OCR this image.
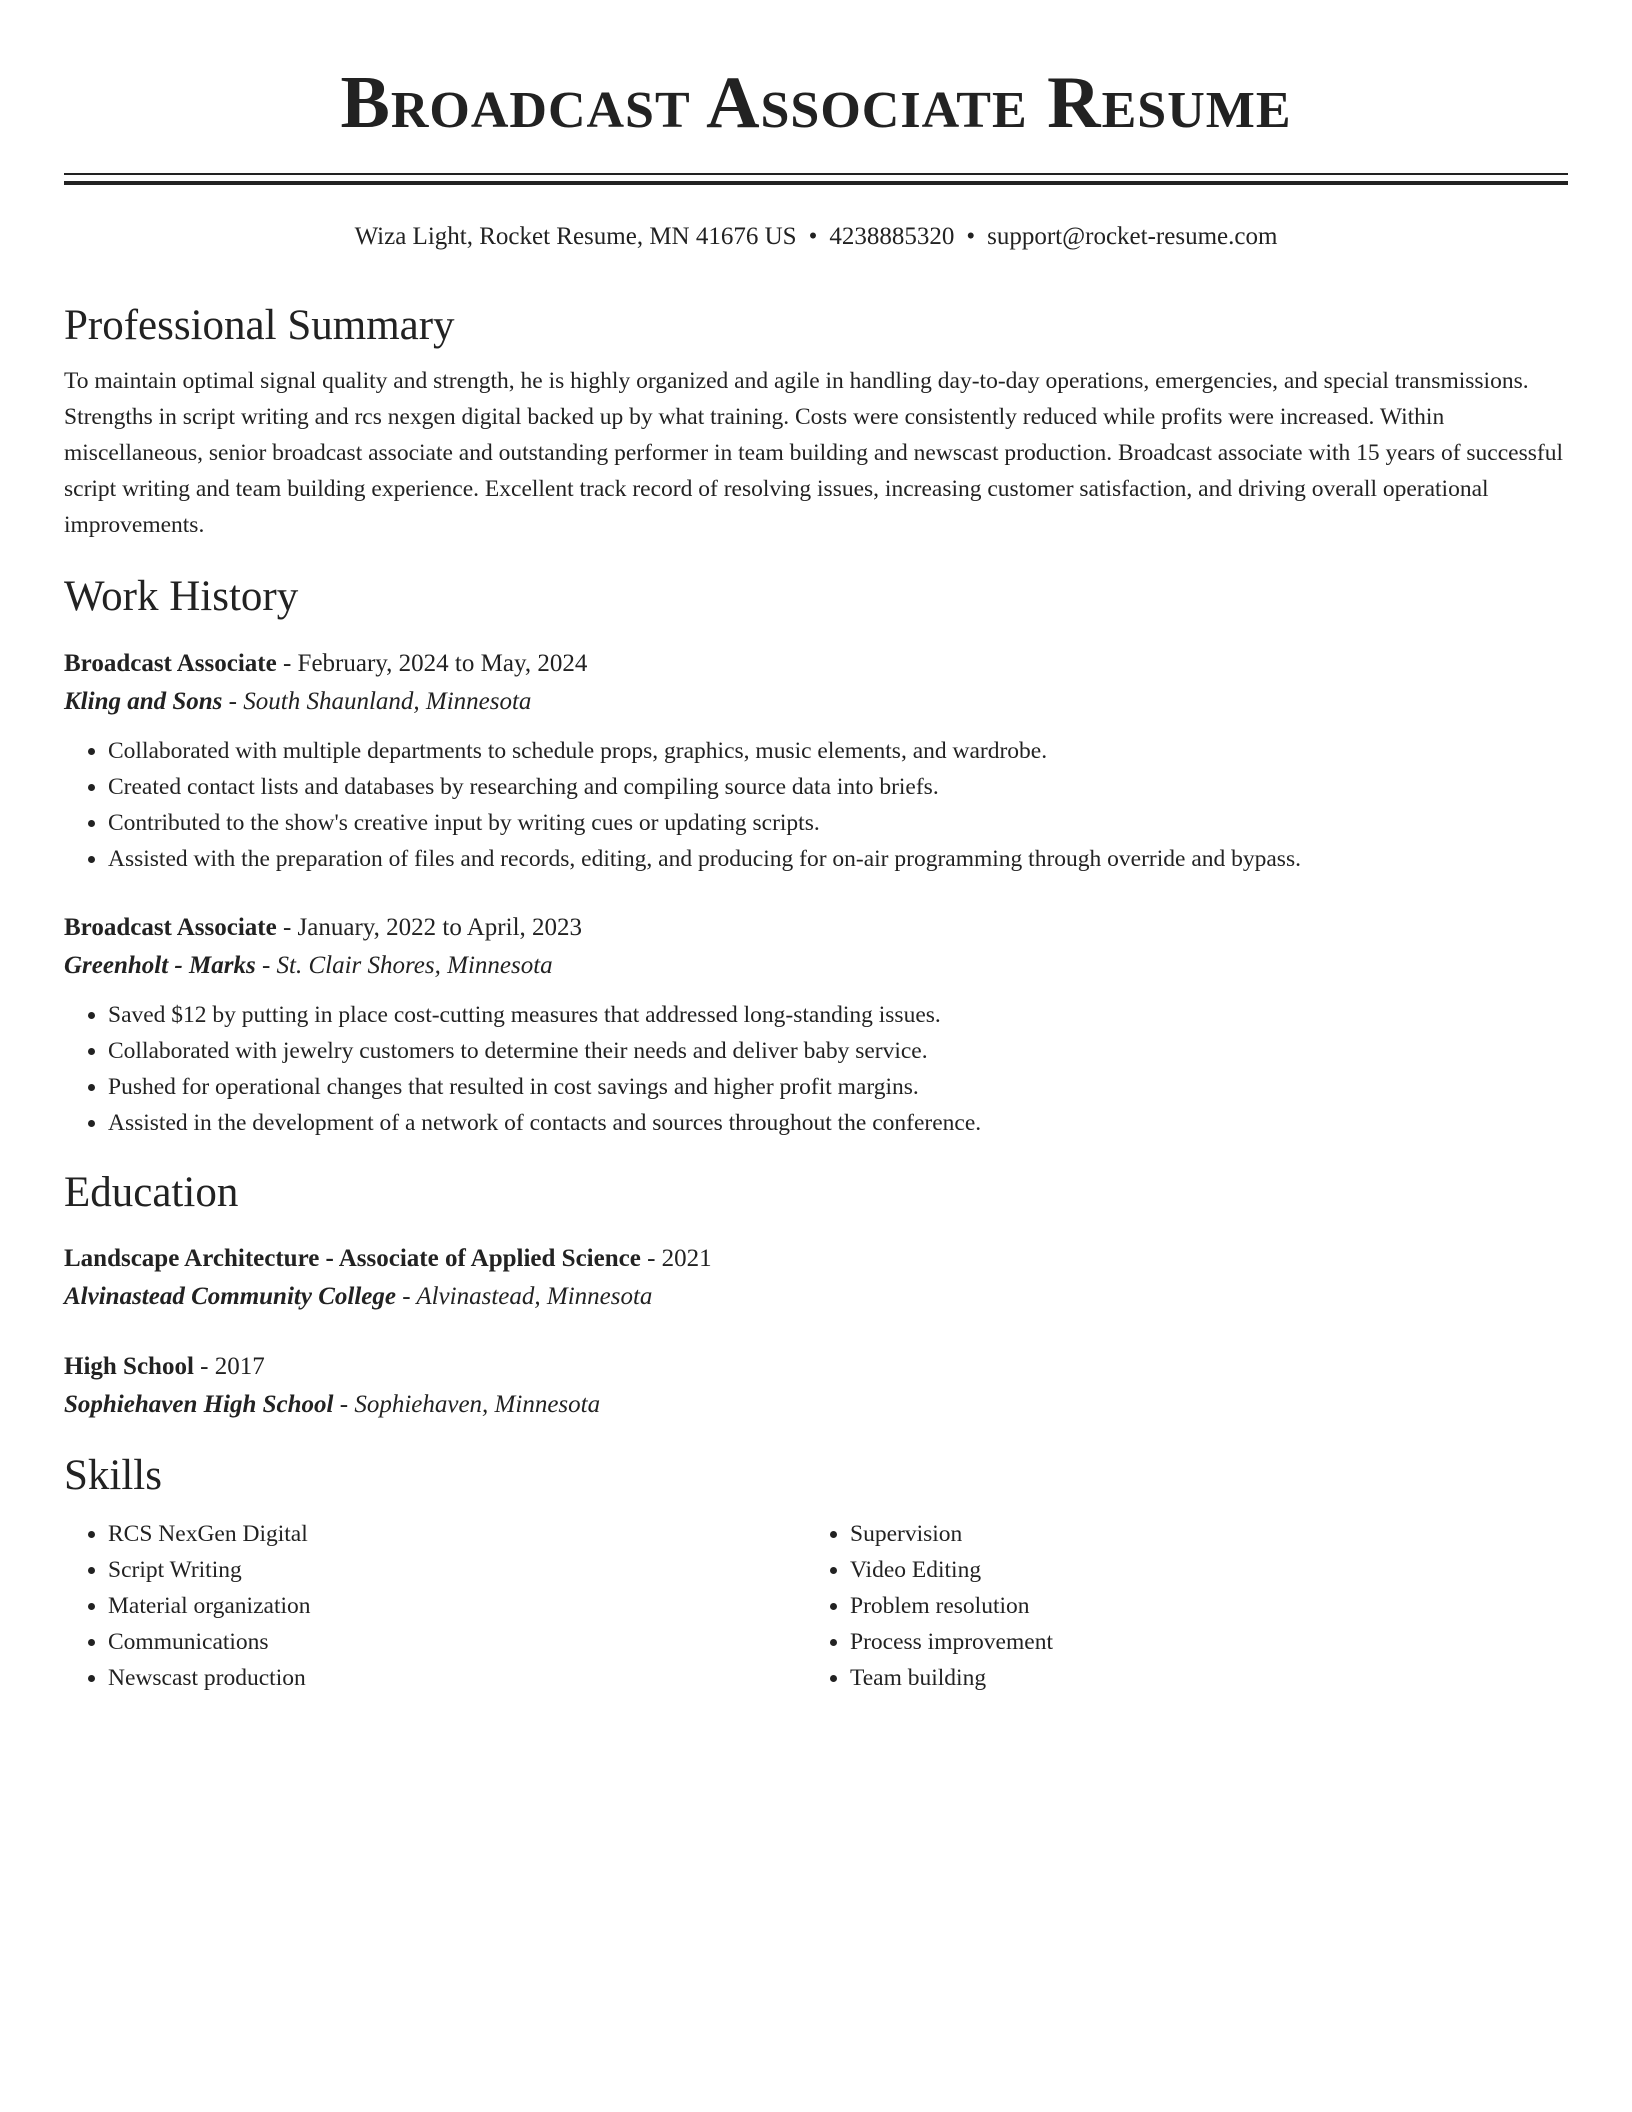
Broadcast Associate Resume
Wiza Light, Rocket Resume, MN 41676 US • 4238885320 • support@rocket-resume.com
Professional Summary
To maintain optimal signal quality and strength, he is highly organized and agile in handling day-to-day operations, emergencies, and special transmissions. Strengths in script writing and rcs nexgen digital backed up by what training. Costs were consistently reduced while profits were increased. Within miscellaneous, senior broadcast associate and outstanding performer in team building and newscast production. Broadcast associate with 15 years of successful script writing and team building experience. Excellent track record of resolving issues, increasing customer satisfaction, and driving overall operational improvements.
Work History
Broadcast Associate - February, 2024 to May, 2024
Kling and Sons - South Shaunland, Minnesota
• Collaborated with multiple departments to schedule props, graphics, music elements, and wardrobe.
• Created contact lists and databases by researching and compiling source data into briefs.
• Contributed to the show's creative input by writing cues or updating scripts.
• Assisted with the preparation of files and records, editing, and producing for on-air programming through override and bypass.
Broadcast Associate - January, 2022 to April, 2023
Greenholt - Marks - St. Clair Shores, Minnesota
• Saved $12 by putting in place cost-cutting measures that addressed long-standing issues.
• Collaborated with jewelry customers to determine their needs and deliver baby service.
• Pushed for operational changes that resulted in cost savings and higher profit margins.
• Assisted in the development of a network of contacts and sources throughout the conference.
Education
Landscape Architecture - Associate of Applied Science - 2021
Alvinastead Community College - Alvinastead, Minnesota
High School - 2017
Sophiehaven High School - Sophiehaven, Minnesota
Skills
• RCS NexGen Digital
• Script Writing
• Material organization
• Communications
• Newscast production
• Supervision
• Video Editing
• Problem resolution
• Process improvement
• Team building
